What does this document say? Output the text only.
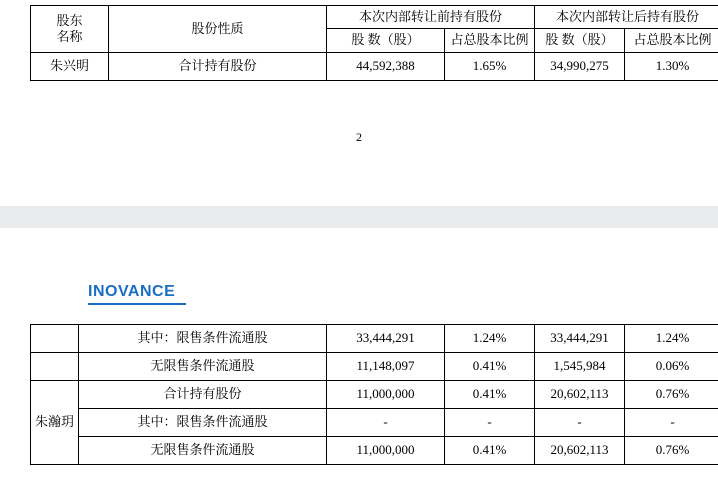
股东
名称	股份性质	本次内部转让前持有股份		本次内部转让后持有股份	
		股 数（股）	占总股本比例	股 数（股）	占总股本比例
朱兴明	合计持有股份	44,592,388	1.65%	34,990,275	1.30%
2
INOVANCE
	其中：限售条件流通股	33,444,291	1.24%	33,444,291	1.24%
	无限售条件流通股	11,148,097	0.41%	1,545,984	0.06%
朱瀚玥	合计持有股份	11,000,000	0.41%	20,602,113	0.76%
	其中：限售条件流通股	-	-	-	-
	无限售条件流通股	11,000,000	0.41%	20,602,113	0.76%
